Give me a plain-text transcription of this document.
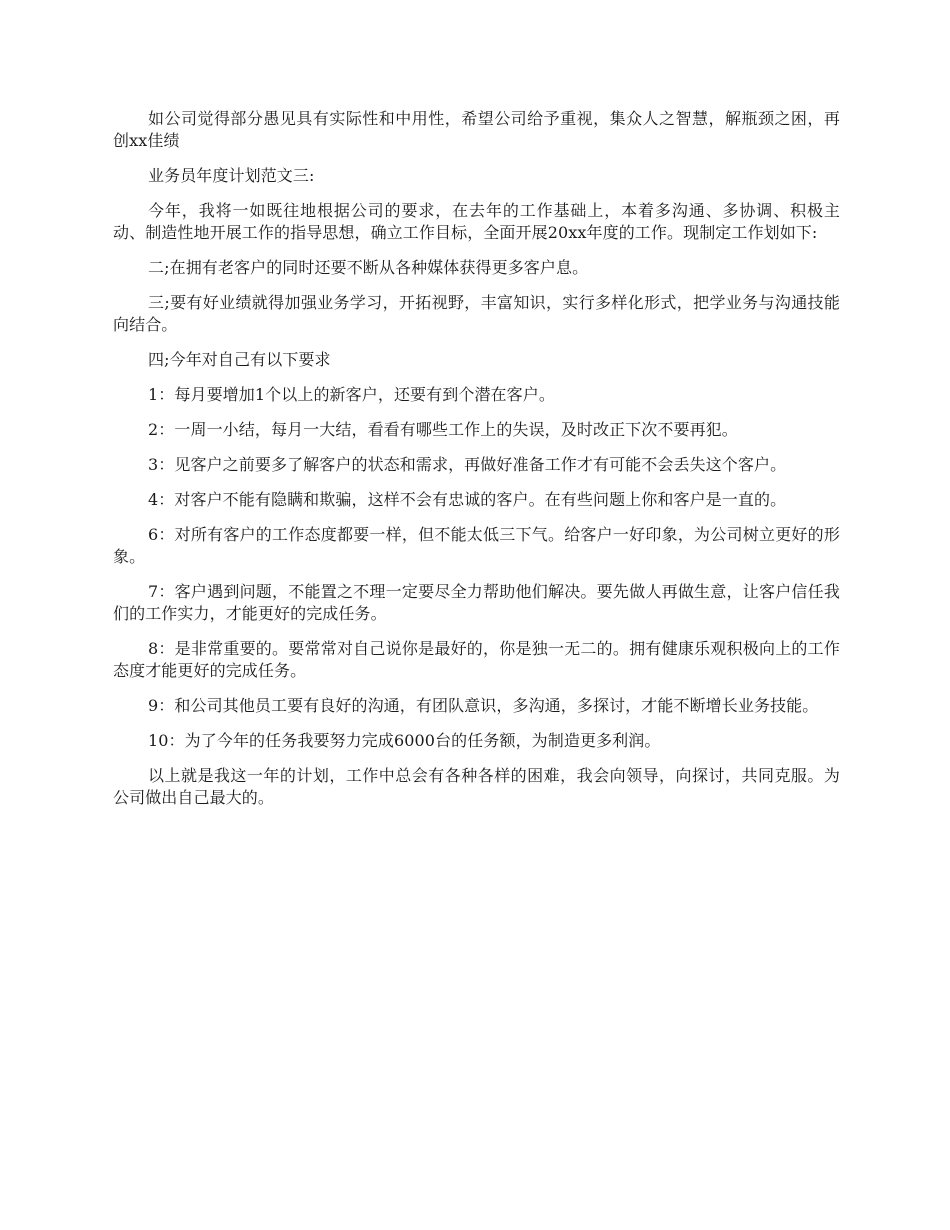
如公司觉得部分愚见具有实际性和中用性，希望公司给予重视，集众人之智慧，解瓶颈之困，再创xx佳绩

业务员年度计划范文三:

今年，我将一如既往地根据公司的要求，在去年的工作基础上，本着多沟通、多协调、积极主动、制造性地开展工作的指导思想，确立工作目标，全面开展20xx年度的工作。现制定工作划如下:

二;在拥有老客户的同时还要不断从各种媒体获得更多客户息。

三;要有好业绩就得加强业务学习，开拓视野，丰富知识，实行多样化形式，把学业务与沟通技能向结合。

四;今年对自己有以下要求

1：每月要增加1个以上的新客户，还要有到个潜在客户。

2：一周一小结，每月一大结，看看有哪些工作上的失误，及时改正下次不要再犯。

3：见客户之前要多了解客户的状态和需求，再做好准备工作才有可能不会丢失这个客户。

4：对客户不能有隐瞒和欺骗，这样不会有忠诚的客户。在有些问题上你和客户是一直的。

6：对所有客户的工作态度都要一样，但不能太低三下气。给客户一好印象，为公司树立更好的形象。

7：客户遇到问题，不能置之不理一定要尽全力帮助他们解决。要先做人再做生意，让客户信任我们的工作实力，才能更好的完成任务。

8：是非常重要的。要常常对自己说你是最好的，你是独一无二的。拥有健康乐观积极向上的工作态度才能更好的完成任务。

9：和公司其他员工要有良好的沟通，有团队意识，多沟通，多探讨，才能不断增长业务技能。

10：为了今年的任务我要努力完成6000台的任务额，为制造更多利润。

以上就是我这一年的计划，工作中总会有各种各样的困难，我会向领导，向探讨，共同克服。为公司做出自己最大的。
